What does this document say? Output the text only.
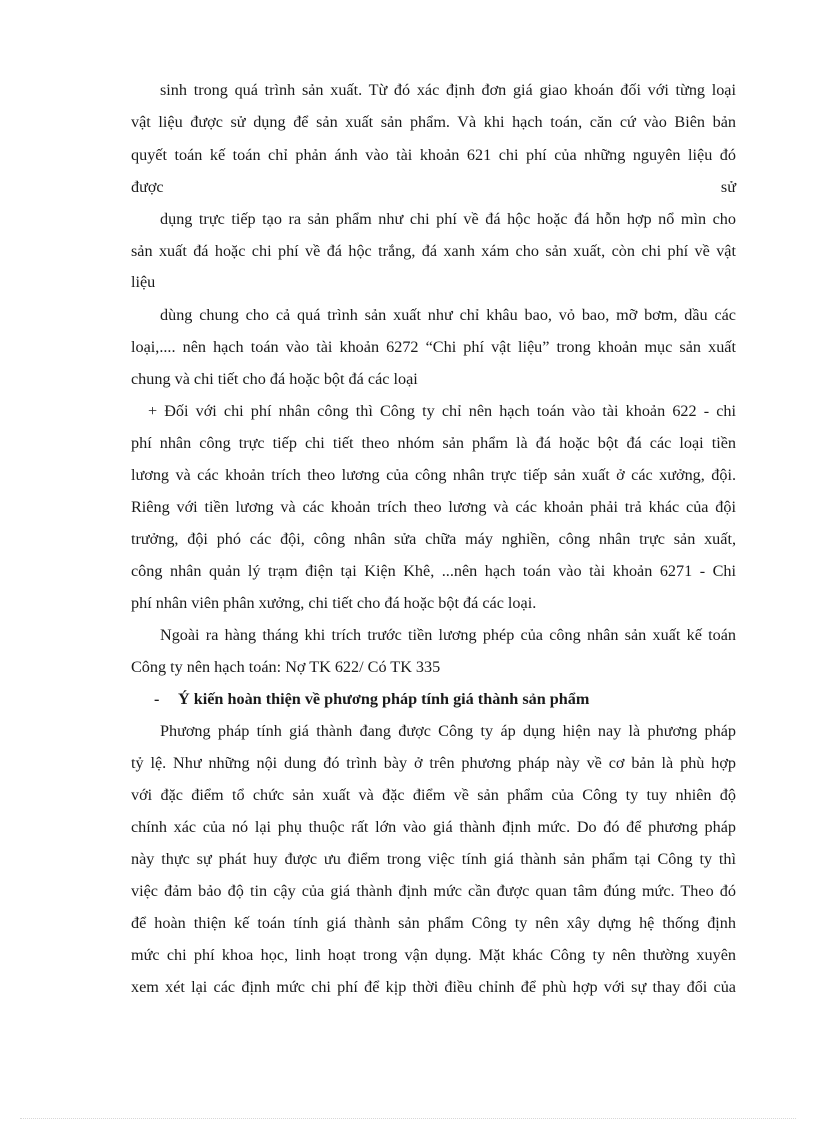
sinh trong quá trình sản xuất. Từ đó xác định đơn giá giao khoán đối với từng loại
vật liệu được sử dụng để sản xuất sản phẩm. Và khi hạch toán, căn cứ vào Biên bản
quyết toán kế toán chỉ phản ánh vào tài khoản 621 chi phí của những nguyên liệu đó
được	sử
dụng trực tiếp tạo ra sản phẩm như chi phí về đá hộc hoặc đá hỗn hợp nổ mìn cho
sản xuất đá hoặc chi phí về đá hộc trắng, đá xanh xám cho sản xuất, còn chi phí về vật
liệu
dùng chung cho cả quá trình sản xuất như chỉ khâu bao, vỏ bao, mỡ bơm, dầu các
loại,.... nên hạch toán vào tài khoản 6272 “Chi phí vật liệu” trong khoản mục sản xuất
chung và chi tiết cho đá hoặc bột đá các loại
+ Đối với chi phí nhân công thì Công ty chỉ nên hạch toán vào tài khoản 622 - chi
phí nhân công trực tiếp chi tiết theo nhóm sản phẩm là đá hoặc bột đá các loại tiền
lương và các khoản trích theo lương của công nhân trực tiếp sản xuất ở các xưởng, đội.
Riêng với tiền lương và các khoản trích theo lương và các khoản phải trả khác của đội
trưởng, đội phó các đội, công nhân sửa chữa máy nghiền, công nhân trực sản xuất,
công nhân quản lý trạm điện tại Kiện Khê, ...nên hạch toán vào tài khoản 6271 - Chi
phí nhân viên phân xưởng, chi tiết cho đá hoặc bột đá các loại.
Ngoài ra hàng tháng khi trích trước tiền lương phép của công nhân sản xuất kế toán
Công ty nên hạch toán: Nợ TK 622/ Có TK 335
- Ý kiến hoàn thiện về phương pháp tính giá thành sản phẩm
Phương pháp tính giá thành đang được Công ty áp dụng hiện nay là phương pháp
tỷ lệ. Như những nội dung đó trình bày ở trên phương pháp này về cơ bản là phù hợp
với đặc điểm tổ chức sản xuất và đặc điểm về sản phẩm của Công ty tuy nhiên độ
chính xác của nó lại phụ thuộc rất lớn vào giá thành định mức. Do đó để phương pháp
này thực sự phát huy được ưu điểm trong việc tính giá thành sản phẩm tại Công ty thì
việc đảm bảo độ tin cậy của giá thành định mức cần được quan tâm đúng mức. Theo đó
để hoàn thiện kế toán tính giá thành sản phẩm Công ty nên xây dựng hệ thống định
mức chi phí khoa học, linh hoạt trong vận dụng. Mặt khác Công ty nên thường xuyên
xem xét lại các định mức chi phí để kịp thời điều chỉnh để phù hợp với sự thay đổi của
